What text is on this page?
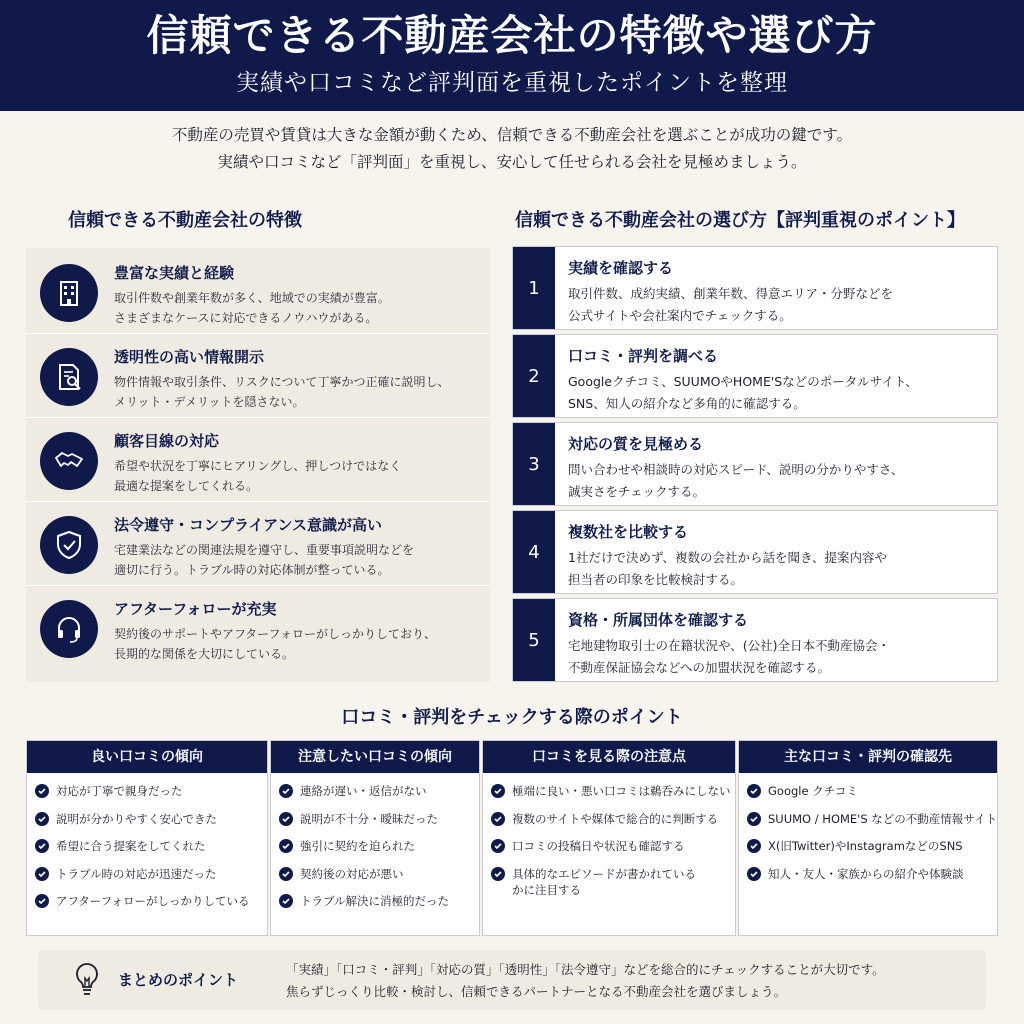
信頼できる不動産会社の特徴や選び方
実績や口コミなど評判面を重視したポイントを整理
不動産の売買や賃貸は大きな金額が動くため、信頼できる不動産会社を選ぶことが成功の鍵です。
実績や口コミなど「評判面」を重視し、安心して任せられる会社を見極めましょう。
信頼できる不動産会社の特徴
豊富な実績と経験
取引件数や創業年数が多く、地域での実績が豊富。
さまざまなケースに対応できるノウハウがある。
透明性の高い情報開示
物件情報や取引条件、リスクについて丁寧かつ正確に説明し、
メリット・デメリットを隠さない。
顧客目線の対応
希望や状況を丁寧にヒアリングし、押しつけではなく
最適な提案をしてくれる。
法令遵守・コンプライアンス意識が高い
宅建業法などの関連法規を遵守し、重要事項説明などを
適切に行う。トラブル時の対応体制が整っている。
アフターフォローが充実
契約後のサポートやアフターフォローがしっかりしており、
長期的な関係を大切にしている。
信頼できる不動産会社の選び方【評判重視のポイント】
1
実績を確認する
取引件数、成約実績、創業年数、得意エリア・分野などを
公式サイトや会社案内でチェックする。
2
口コミ・評判を調べる
Googleクチコミ、SUUMOやHOME'Sなどのポータルサイト、
SNS、知人の紹介など多角的に確認する。
3
対応の質を見極める
問い合わせや相談時の対応スピード、説明の分かりやすさ、
誠実さをチェックする。
4
複数社を比較する
1社だけで決めず、複数の会社から話を聞き、提案内容や
担当者の印象を比較検討する。
5
資格・所属団体を確認する
宅地建物取引士の在籍状況や、(公社)全日本不動産協会・
不動産保証協会などへの加盟状況を確認する。
口コミ・評判をチェックする際のポイント
良い口コミの傾向
対応が丁寧で親身だった
説明が分かりやすく安心できた
希望に合う提案をしてくれた
トラブル時の対応が迅速だった
アフターフォローがしっかりしている
注意したい口コミの傾向
連絡が遅い・返信がない
説明が不十分・曖昧だった
強引に契約を迫られた
契約後の対応が悪い
トラブル解決に消極的だった
口コミを見る際の注意点
極端に良い・悪い口コミは鵜呑みにしない
複数のサイトや媒体で総合的に判断する
口コミの投稿日や状況も確認する
具体的なエピソードが書かれている
かに注目する
主な口コミ・評判の確認先
Google クチコミ
SUUMO / HOME'S などの不動産情報サイト
X(旧Twitter)やInstagramなどのSNS
知人・友人・家族からの紹介や体験談
まとめのポイント
「実績」「口コミ・評判」「対応の質」「透明性」「法令遵守」などを総合的にチェックすることが大切です。
焦らずじっくり比較・検討し、信頼できるパートナーとなる不動産会社を選びましょう。
